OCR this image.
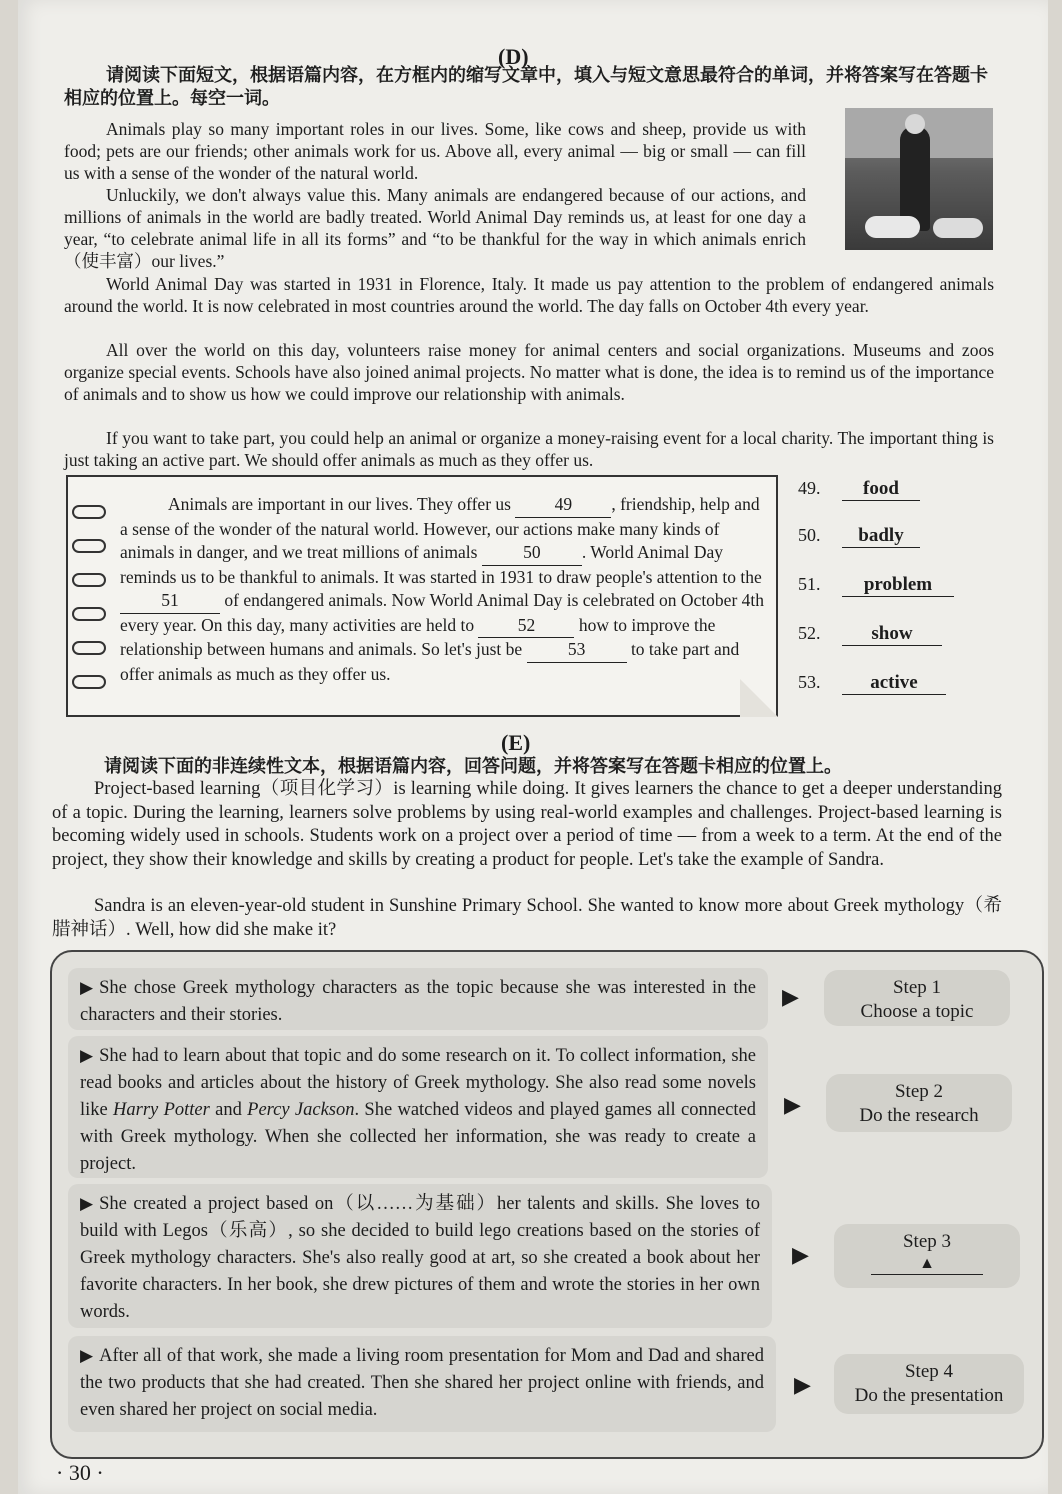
(D)
请阅读下面短文，根据语篇内容，在方框内的缩写文章中，填入与短文意思最符合的单词，并将答案写在答题卡相应的位置上。每空一词。

Animals play so many important roles in our lives. Some, like cows and sheep, provide us with food; pets are our friends; other animals work for us. Above all, every animal — big or small — can fill us with a sense of the wonder of the natural world.

Unluckily, we don't always value this. Many animals are endangered because of our actions, and millions of animals in the world are badly treated. World Animal Day reminds us, at least for one day a year, “to celebrate animal life in all its forms” and “to be thankful for the way in which animals enrich（使丰富）our lives.”

World Animal Day was started in 1931 in Florence, Italy. It made us pay attention to the problem of endangered animals around the world. It is now celebrated in most countries around the world. The day falls on October 4th every year.

All over the world on this day, volunteers raise money for animal centers and social organizations. Museums and zoos organize special events. Schools have also joined animal projects. No matter what is done, the idea is to remind us of the importance of animals and to show us how we could improve our relationship with animals.

If you want to take part, you could help an animal or organize a money-raising event for a local charity. The important thing is just taking an active part. We should offer animals as much as they offer us.

Animals are important in our lives. They offer us 49 , friendship, help and a sense of the wonder of the natural world. However, our actions make many kinds of animals in danger, and we treat millions of animals	50 . World Animal Day reminds us to be thankful to animals. It was started in 1931 to draw people's attention to the 51	of endangered animals. Now World Animal Day is celebrated on October 4th every year. On this day, many activities are held to 52 how to improve the relationship between humans and animals. So let's just be	53	to take part and offer animals as much as they offer us.

49. food
50. badly
51. problem
52.	show
53.	active
(E)
请阅读下面的非连续性文本，根据语篇内容，回答问题，并将答案写在答题卡相应的位置上。

Project-based learning（项目化学习）is learning while doing. It gives learners the chance to get a deeper understanding of a topic. During the learning, learners solve problems by using real-world examples and challenges. Project-based learning is becoming widely used in schools. Students work on a project over a period of time — from a week to a term. At the end of the project, they show their knowledge and skills by creating a product for people. Let's take the example of Sandra.

Sandra is an eleven-year-old student in Sunshine Primary School. She wanted to know more about Greek mythology（希腊神话）. Well, how did she make it?

▶ She chose Greek mythology characters as the topic because she was interested in the characters and their stories.

▶	Step 1
Choose a topic

▶ She had to learn about that topic and do some research on it. To collect information, she read books and articles about the history of Greek mythology. She also read some novels like Harry Potter and Percy Jackson. She watched videos and played games all connected with Greek mythology. When she collected her information, she was ready to create a project.

▶
Step 2
Do the research

▶ She created a project based on（以……为基础）her talents and skills. She loves to build with Legos（乐高）, so she decided to build lego creations based on the stories of Greek mythology characters. She's also really good at art, so she created a book about her favorite characters. In her book, she drew pictures of them and wrote the stories in her own words.

▶
Step 3
▲

▶ After all of that work, she made a living room presentation for Mom and Dad and shared the two products that she had created. Then she shared her project online with friends, and even shared her project on social media.

▶
Step 4
Do the presentation
· 30 ·
